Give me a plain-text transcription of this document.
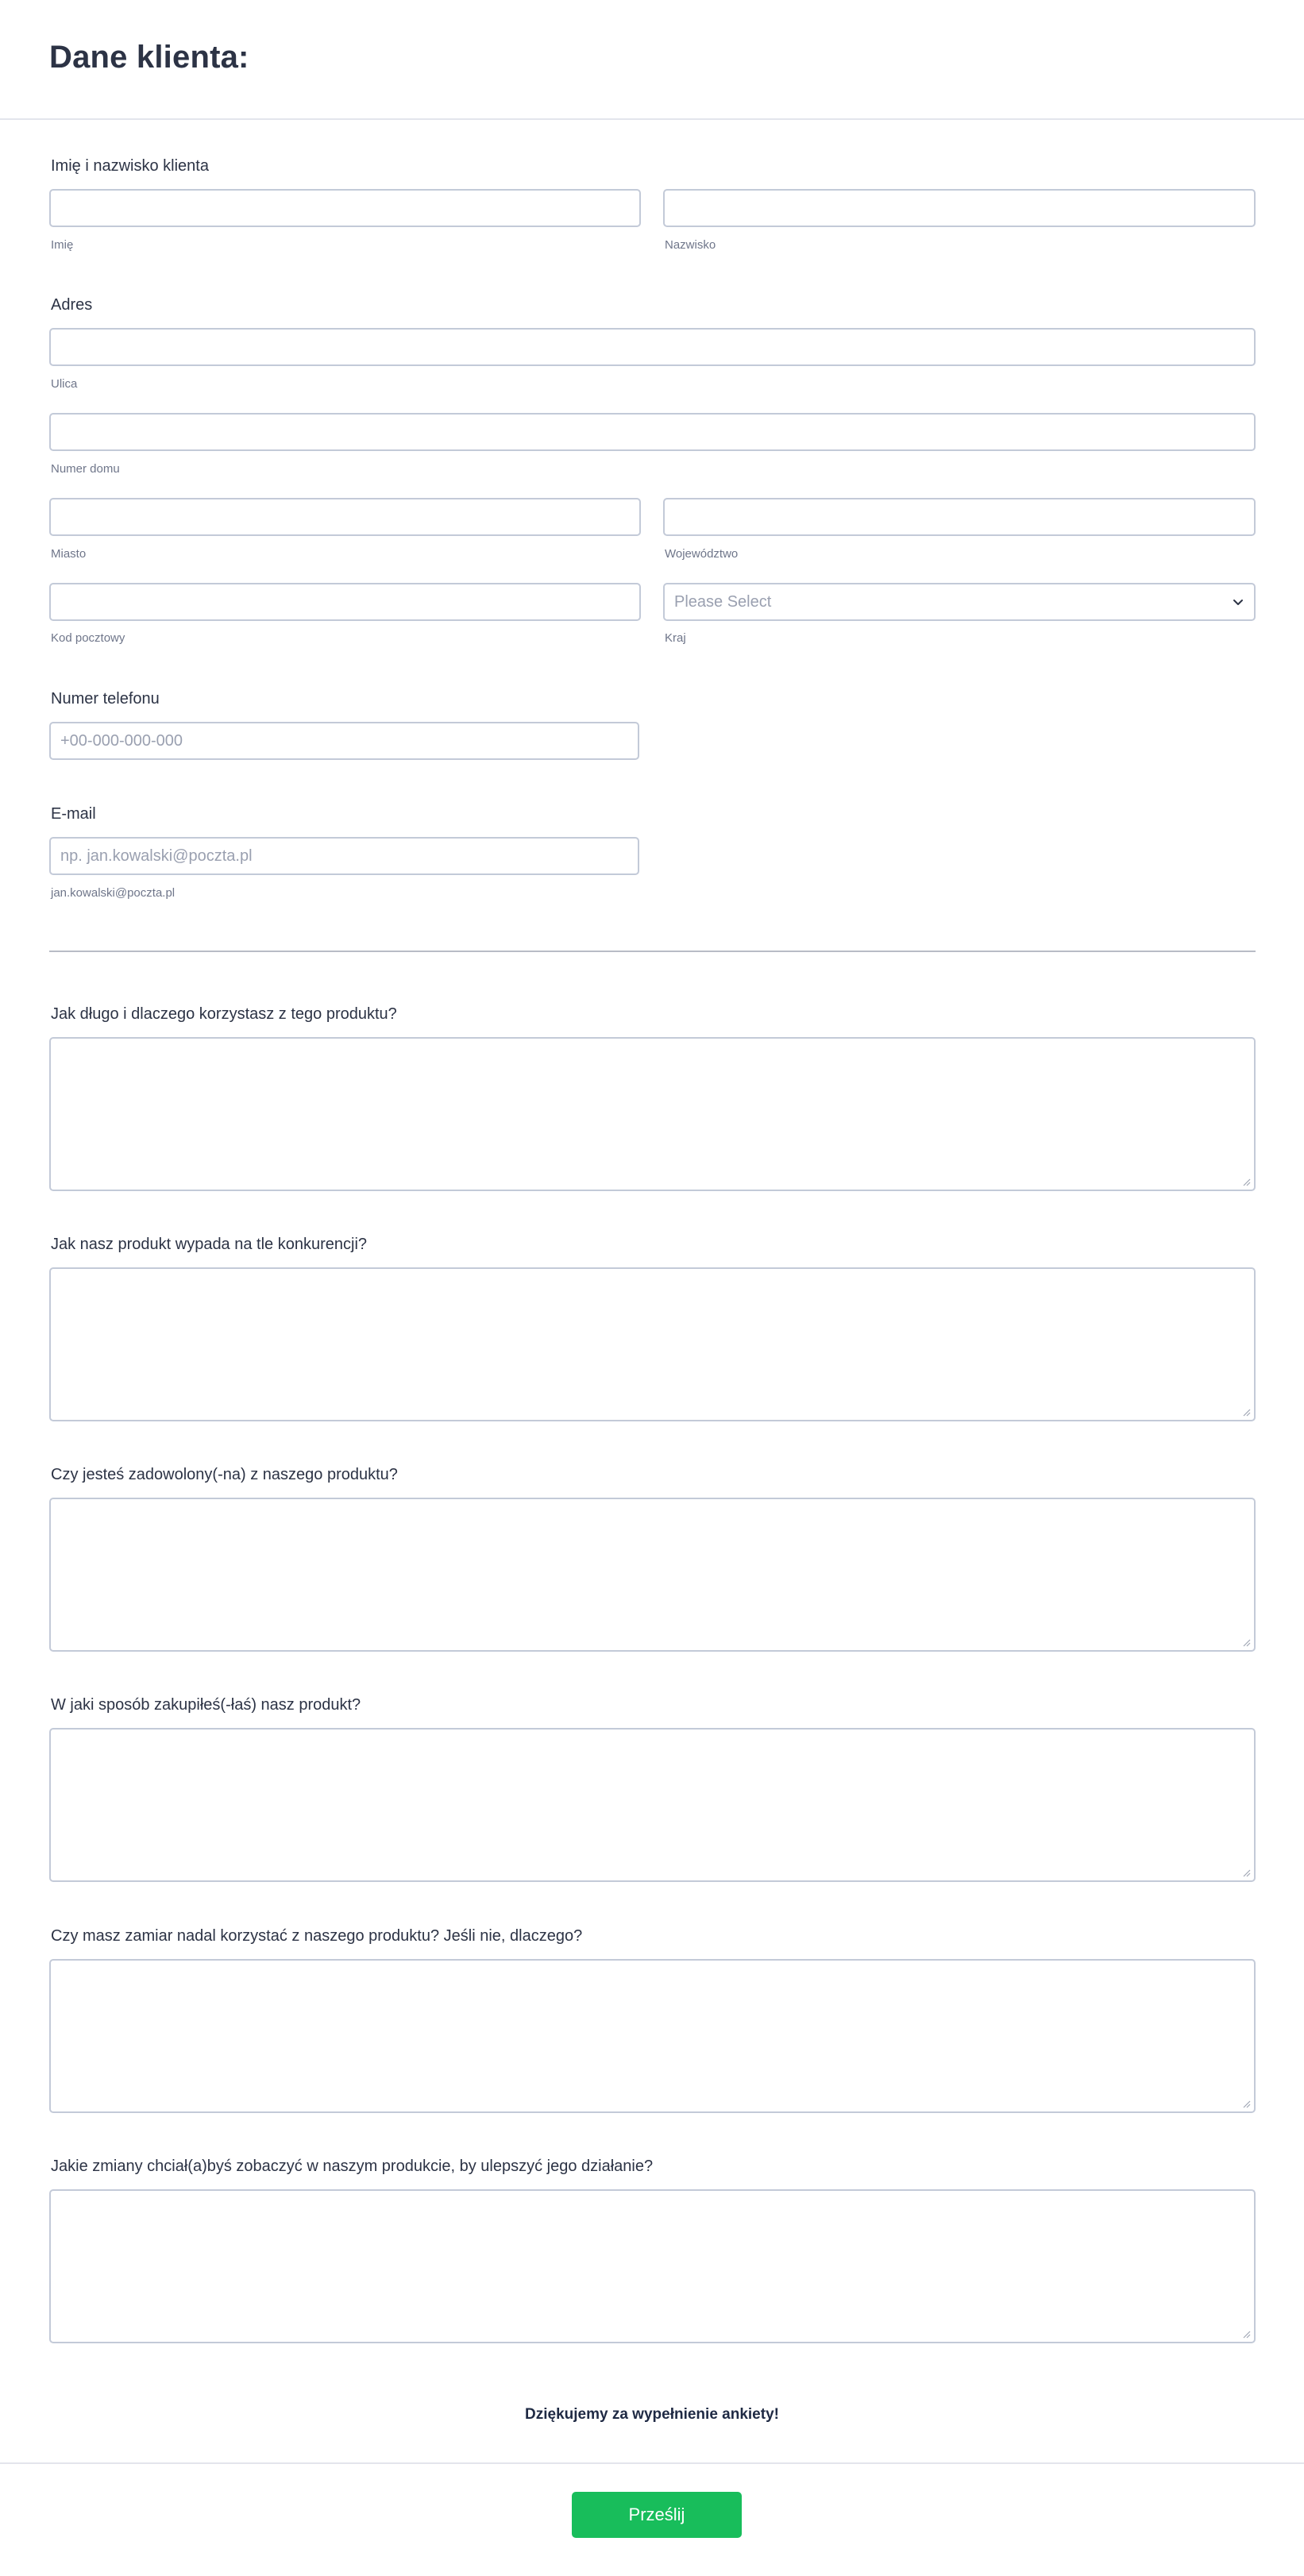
Dane klienta:
Imię i nazwisko klienta
Imię	Nazwisko
Adres
Ulica
Numer domu
Miasto	Województwo
Kod pocztowy
Please Select
Kraj
Numer telefonu
+00-000-000-000
E-mail
np. jan.kowalski@poczta.pl
jan.kowalski@poczta.pl
Jak długo i dlaczego korzystasz z tego produktu?
Jak nasz produkt wypada na tle konkurencji?
Czy jesteś zadowolony(-na) z naszego produktu?
W jaki sposób zakupiłeś(-łaś) nasz produkt?
Czy masz zamiar nadal korzystać z naszego produktu? Jeśli nie, dlaczego?
Jakie zmiany chciał(a)byś zobaczyć w naszym produkcie, by ulepszyć jego działanie?
Dziękujemy za wypełnienie ankiety!
Prześlij
